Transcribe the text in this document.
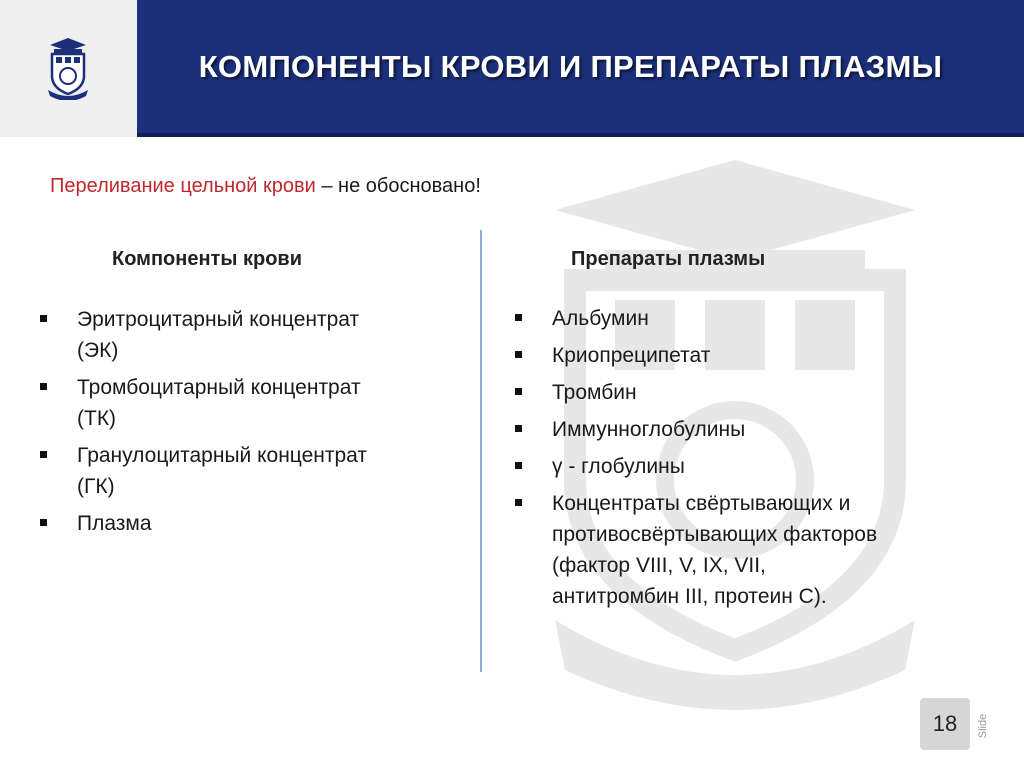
КОМПОНЕНТЫ КРОВИ И ПРЕПАРАТЫ ПЛАЗМЫ
Переливание цельной крови – не обосновано!
Компоненты крови	Препараты плазмы
Эритроцитарный концентрат
(ЭК)
Тромбоцитарный концентрат
(ТК)
Гранулоцитарный концентрат
(ГК)
Плазма
Альбумин
Криопреципетат
Тромбин
Иммунноглобулины
γ - глобулины
Концентраты свёртывающих и
противосвёртывающих факторов
(фактор VIII, V, IX, VII,
антитромбин III, протеин С).
18	Slide
